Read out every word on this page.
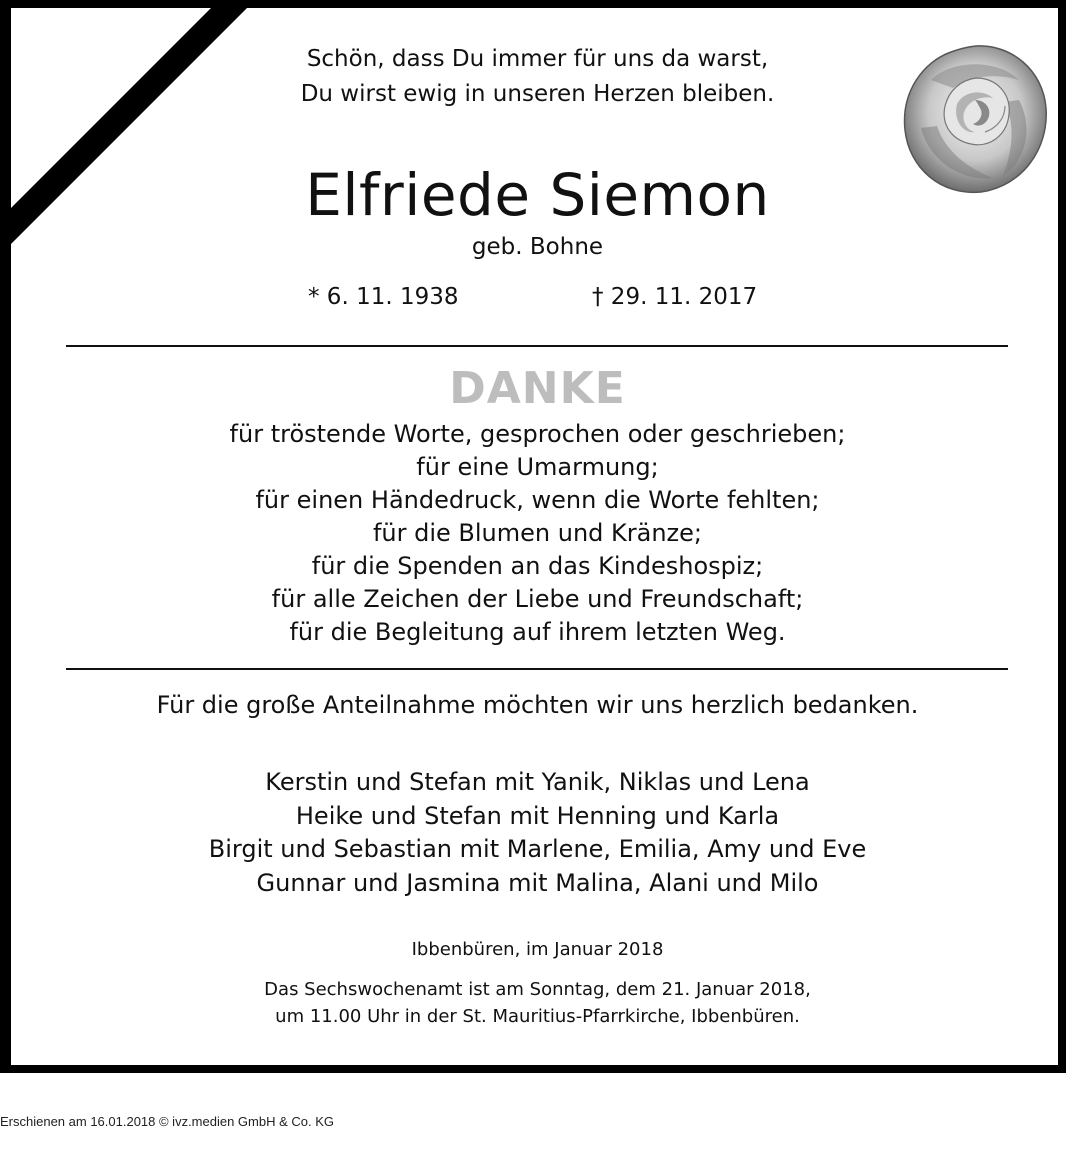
Schön, dass Du immer für uns da warst,
Du wirst ewig in unseren Herzen bleiben.
Elfriede Siemon
geb. Bohne
* 6. 11. 1938	† 29. 11. 2017
DANKE
für tröstende Worte, gesprochen oder geschrieben;
für eine Umarmung;
für einen Händedruck, wenn die Worte fehlten;
für die Blumen und Kränze;
für die Spenden an das Kindeshospiz;
für alle Zeichen der Liebe und Freundschaft;
für die Begleitung auf ihrem letzten Weg.
Für die große Anteilnahme möchten wir uns herzlich bedanken.
Kerstin und Stefan mit Yanik, Niklas und Lena
Heike und Stefan mit Henning und Karla
Birgit und Sebastian mit Marlene, Emilia, Amy und Eve
Gunnar und Jasmina mit Malina, Alani und Milo
Ibbenbüren, im Januar 2018
Das Sechswochenamt ist am Sonntag, dem 21. Januar 2018,
um 11.00 Uhr in der St. Mauritius-Pfarrkirche, Ibbenbüren.
Erschienen am 16.01.2018 © ivz.medien GmbH & Co. KG
